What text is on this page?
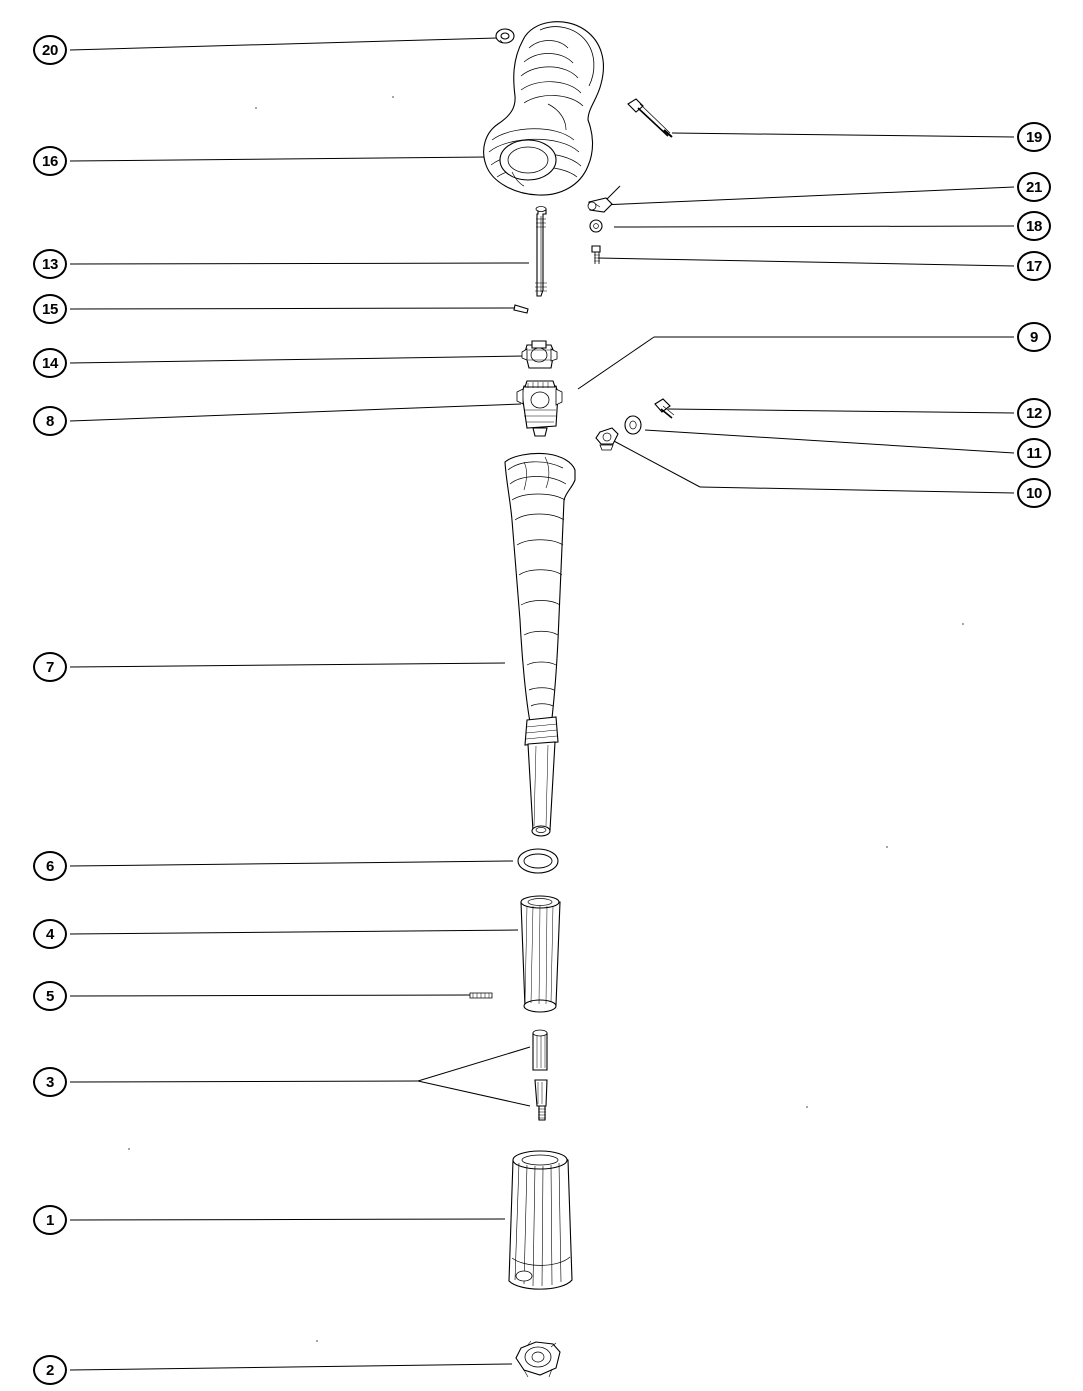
20
16
13
15
14
8
7
6
4
5
3
1
2
19
21
18
17
9
12
11
10
